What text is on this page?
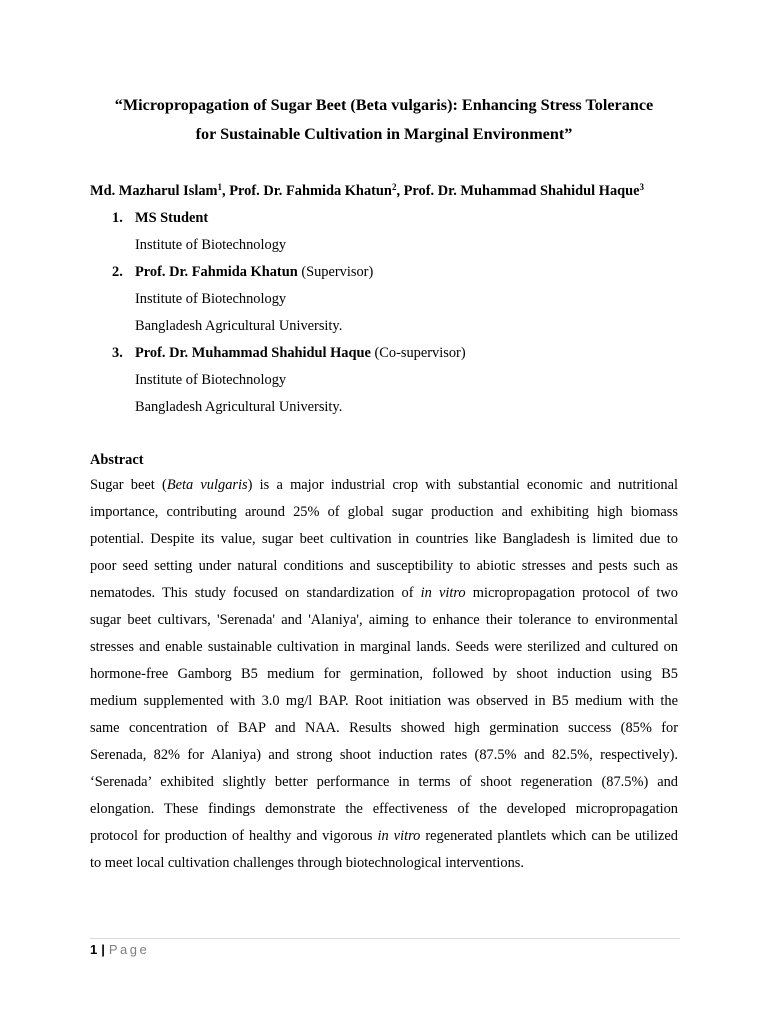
“Micropropagation of Sugar Beet (Beta vulgaris): Enhancing Stress Tolerance
for Sustainable Cultivation in Marginal Environment”
Md. Mazharul Islam$^1$, Prof. Dr. Fahmida Khatun$^2$, Prof. Dr. Muhammad Shahidul Haque$^3$
1. MS Student
Institute of Biotechnology
2. Prof. Dr. Fahmida Khatun (Supervisor)
Institute of Biotechnology
Bangladesh Agricultural University.
3. Prof. Dr. Muhammad Shahidul Haque (Co-supervisor)
Institute of Biotechnology
Bangladesh Agricultural University.
Abstract
Sugar beet (Beta vulgaris) is a major industrial crop with substantial economic and nutritional
importance, contributing around 25% of global sugar production and exhibiting high biomass
potential. Despite its value, sugar beet cultivation in countries like Bangladesh is limited due to
poor seed setting under natural conditions and susceptibility to abiotic stresses and pests such as
nematodes. This study focused on standardization of in vitro micropropagation protocol of two
sugar beet cultivars, 'Serenada' and 'Alaniya', aiming to enhance their tolerance to environmental
stresses and enable sustainable cultivation in marginal lands. Seeds were sterilized and cultured on
hormone-free Gamborg B5 medium for germination, followed by shoot induction using B5
medium supplemented with 3.0 mg/l BAP. Root initiation was observed in B5 medium with the
same concentration of BAP and NAA. Results showed high germination success (85% for
Serenada, 82% for Alaniya) and strong shoot induction rates (87.5% and 82.5%, respectively).
‘Serenada’ exhibited slightly better performance in terms of shoot regeneration (87.5%) and
elongation. These findings demonstrate the effectiveness of the developed micropropagation
protocol for production of healthy and vigorous in vitro regenerated plantlets which can be utilized
to meet local cultivation challenges through biotechnological interventions.
1 | Page
